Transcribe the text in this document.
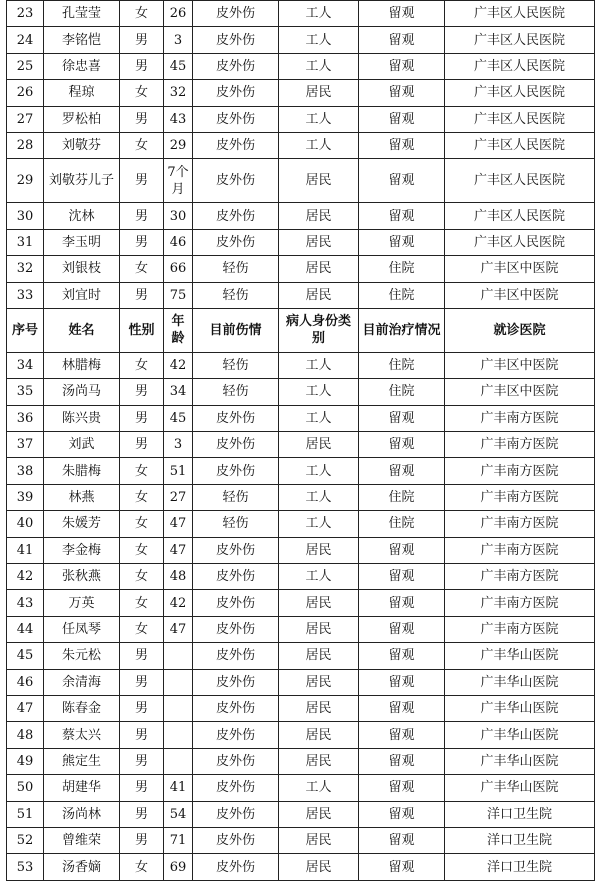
23	孔莹莹	女	26	皮外伤	工人	留观	广丰区人民医院
24	李铭恺	男	3	皮外伤	工人	留观	广丰区人民医院
25	徐忠喜	男	45	皮外伤	工人	留观	广丰区人民医院
26	程琼	女	32	皮外伤	居民	留观	广丰区人民医院
27	罗松柏	男	43	皮外伤	工人	留观	广丰区人民医院
28	刘敬芬	女	29	皮外伤	工人	留观	广丰区人民医院
29	刘敬芬儿子	男	7个月	皮外伤	居民	留观	广丰区人民医院
30	沈林	男	30	皮外伤	居民	留观	广丰区人民医院
31	李玉明	男	46	皮外伤	居民	留观	广丰区人民医院
32	刘银枝	女	66	轻伤	居民	住院	广丰区中医院
33	刘宜时	男	75	轻伤	居民	住院	广丰区中医院
序号	姓名	性别	年龄	目前伤情	病人身份类别	目前治疗情况	就诊医院
34	林腊梅	女	42	轻伤	工人	住院	广丰区中医院
35	汤尚马	男	34	轻伤	工人	住院	广丰区中医院
36	陈兴贵	男	45	皮外伤	工人	留观	广丰南方医院
37	刘武	男	3	皮外伤	居民	留观	广丰南方医院
38	朱腊梅	女	51	皮外伤	工人	留观	广丰南方医院
39	林燕	女	27	轻伤	工人	住院	广丰南方医院
40	朱媛芳	女	47	轻伤	工人	住院	广丰南方医院
41	李金梅	女	47	皮外伤	居民	留观	广丰南方医院
42	张秋燕	女	48	皮外伤	工人	留观	广丰南方医院
43	万英	女	42	皮外伤	居民	留观	广丰南方医院
44	任凤琴	女	47	皮外伤	居民	留观	广丰南方医院
45	朱元松	男		皮外伤	居民	留观	广丰华山医院
46	余清海	男		皮外伤	居民	留观	广丰华山医院
47	陈春金	男		皮外伤	居民	留观	广丰华山医院
48	蔡太兴	男		皮外伤	居民	留观	广丰华山医院
49	熊定生	男		皮外伤	居民	留观	广丰华山医院
50	胡建华	男	41	皮外伤	工人	留观	广丰华山医院
51	汤尚林	男	54	皮外伤	居民	留观	洋口卫生院
52	曾维荣	男	71	皮外伤	居民	留观	洋口卫生院
53	汤香嫡	女	69	皮外伤	居民	留观	洋口卫生院
